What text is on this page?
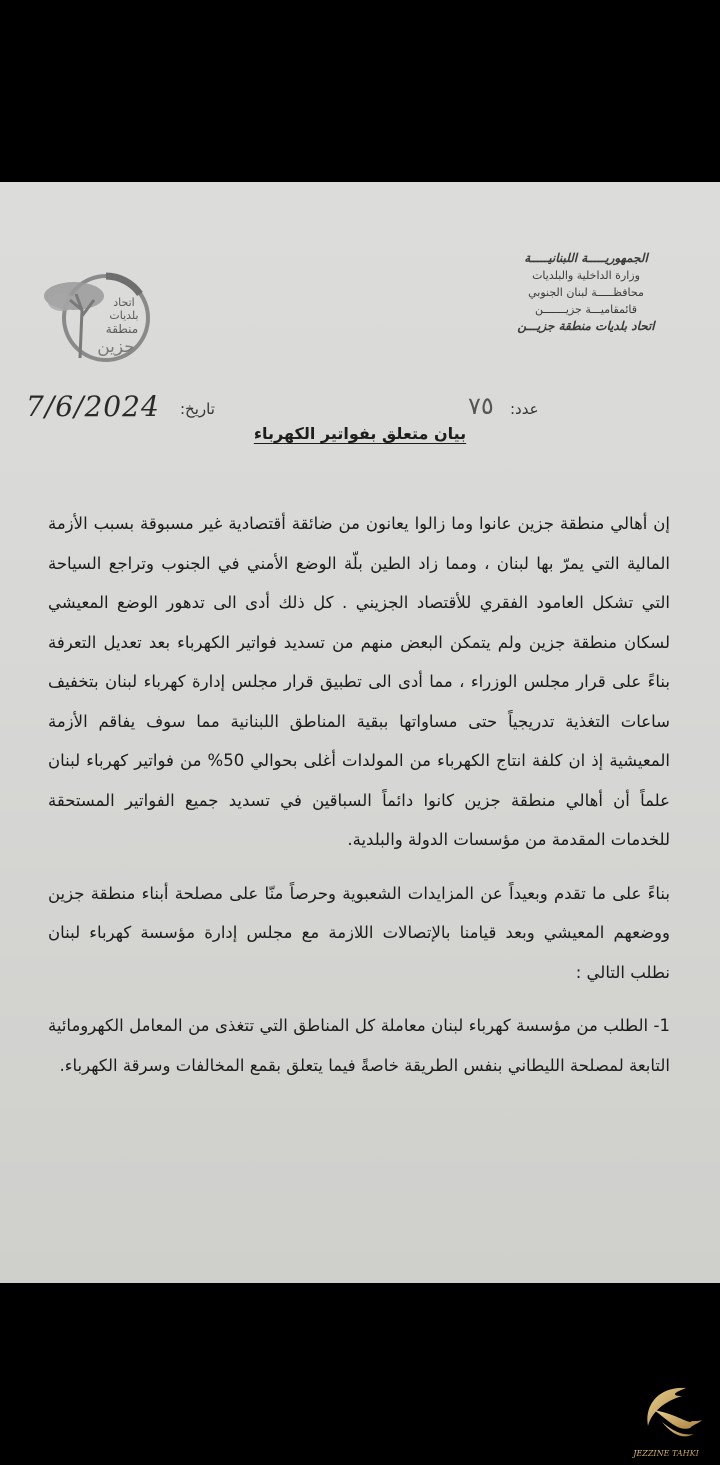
الجمهوريـــــة اللبنانيـــــة
وزارة الداخلية والبلديات
محافظـــــة لبنان الجنوبي
قائمقاميـــة جزيـــــــن
اتحاد بلديات منطقة جزيـــن
اتحاد
بلديات
منطقة
جزين
عدد:
٧٥
تاريخ:
7/6/2024
بيان متعلق بفواتير الكهرباء

إن أهالي منطقة جزين عانوا وما زالوا يعانون من ضائقة أقتصادية غير مسبوقة بسبب الأزمة المالية التي يمرّ بها لبنان ، ومما زاد الطين بلّة الوضع الأمني في الجنوب وتراجع السياحة التي تشكل العامود الفقري للأقتصاد الجزيني . كل ذلك أدى الى تدهور الوضع المعيشي لسكان منطقة جزين ولم يتمكن البعض منهم من تسديد فواتير الكهرباء بعد تعديل التعرفة بناءً على قرار مجلس الوزراء ، مما أدى الى تطبيق قرار مجلس إدارة كهرباء لبنان بتخفيف ساعات التغذية تدريجياً حتى مساواتها ببقية المناطق اللبنانية مما سوف يفاقم الأزمة المعيشية إذ ان كلفة انتاج الكهرباء من المولدات أغلى بحوالي 50% من فواتير كهرباء لبنان علماً أن أهالي منطقة جزين كانوا دائماً السباقين في تسديد جميع الفواتير المستحقة للخدمات المقدمة من مؤسسات الدولة والبلدية.

بناءً على ما تقدم وبعيداً عن المزايدات الشعبوية وحرصاً منّا على مصلحة أبناء منطقة جزين ووضعهم المعيشي وبعد قيامنا بالإتصالات اللازمة مع مجلس إدارة مؤسسة كهرباء لبنان نطلب التالي :

1- الطلب من مؤسسة كهرباء لبنان معاملة كل المناطق التي تتغذى من المعامل الكهرومائية التابعة لمصلحة الليطاني بنفس الطريقة خاصةً فيما يتعلق بقمع المخالفات وسرقة الكهرباء.

JEZZINE TAHKI
